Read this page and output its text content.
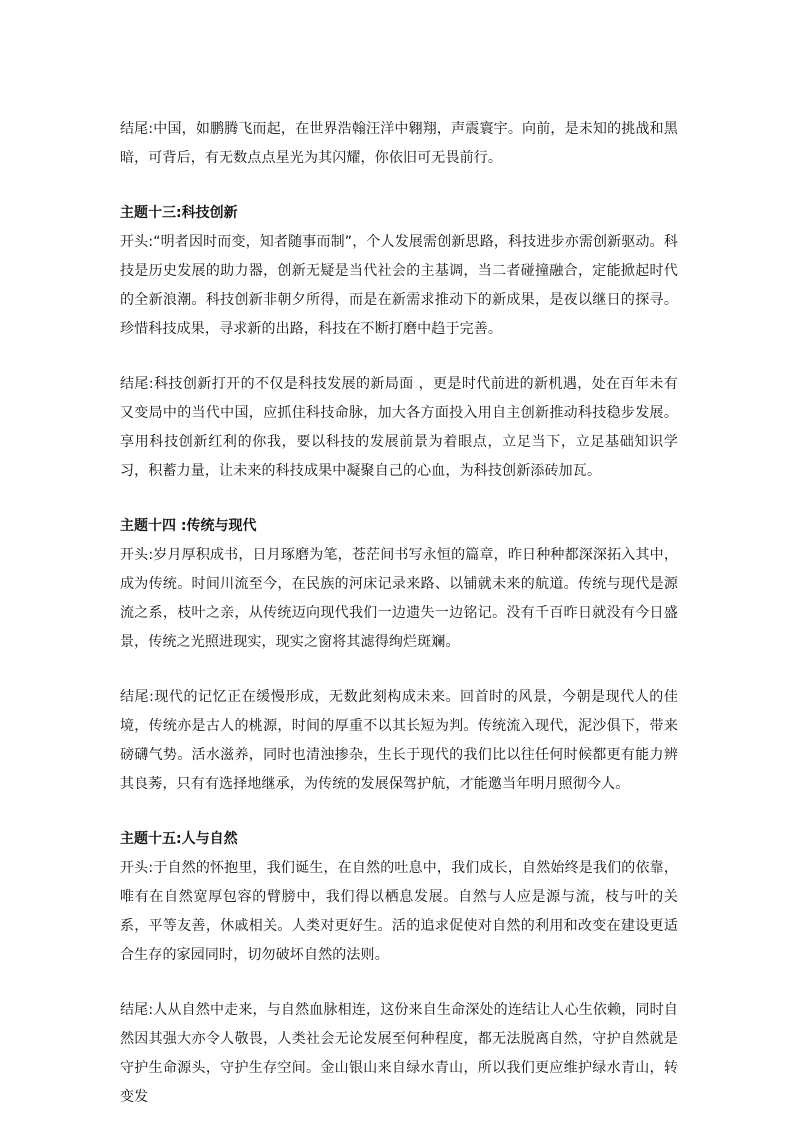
结尾:中国，如鹏腾飞而起，在世界浩翰汪洋中翱翔，声震寰宇。向前，是未知的挑战和黑暗，可背后，有无数点点星光为其闪耀，你依旧可无畏前行。

主题十三:科技创新

开头:“明者因时而变，知者随事而制”，个人发展需创新思路，科技进步亦需创新驱动。科技是历史发展的助力器，创新无疑是当代社会的主基调，当二者碰撞融合，定能掀起时代的全新浪潮。科技创新非朝夕所得，而是在新需求推动下的新成果，是夜以继日的探寻。珍惜科技成果，寻求新的出路，科技在不断打磨中趋于完善。

结尾:科技创新打开的不仅是科技发展的新局面 ，更是时代前进的新机遇，处在百年未有又变局中的当代中国，应抓住科技命脉，加大各方面投入用自主创新推动科技稳步发展。享用科技创新红利的你我，要以科技的发展前景为着眼点，立足当下，立足基础知识学习，积蓄力量，让未来的科技成果中凝聚自己的心血，为科技创新添砖加瓦。

主题十四 :传统与现代

开头:岁月厚积成书，日月琢磨为笔，苍茫间书写永恒的篇章，昨日种种都深深拓入其中，成为传统。时间川流至今，在民族的河床记录来路、以铺就未来的航道。传统与现代是源流之系，枝叶之亲，从传统迈向现代我们一边遗失一边铭记。没有千百昨日就没有今日盛景，传统之光照进现实，现实之窗将其滤得绚烂斑斓。

结尾:现代的记忆正在缓慢形成，无数此刻构成未来。回首时的风景，今朝是现代人的佳境，传统亦是古人的桃源，时间的厚重不以其长短为判。传统流入现代，泥沙俱下，带来磅礴气势。活水滋养，同时也清浊掺杂，生长于现代的我们比以往任何时候都更有能力辨其良莠，只有有选择地继承，为传统的发展保驾护航，才能邀当年明月照彻今人。

主题十五:人与自然

开头:于自然的怀抱里，我们诞生，在自然的吐息中，我们成长，自然始终是我们的依靠，唯有在自然宽厚包容的臂膀中，我们得以栖息发展。自然与人应是源与流，枝与叶的关系，平等友善，休戚相关。人类对更好生。活的追求促使对自然的利用和改变在建设更适合生存的家园同时，切勿破坏自然的法则。

结尾:人从自然中走来，与自然血脉相连，这份来自生命深处的连结让人心生依赖，同时自然因其强大亦令人敬畏，人类社会无论发展至何种程度，都无法脱离自然，守护自然就是守护生命源头，守护生存空间。金山银山来自绿水青山，所以我们更应维护绿水青山，转变发
